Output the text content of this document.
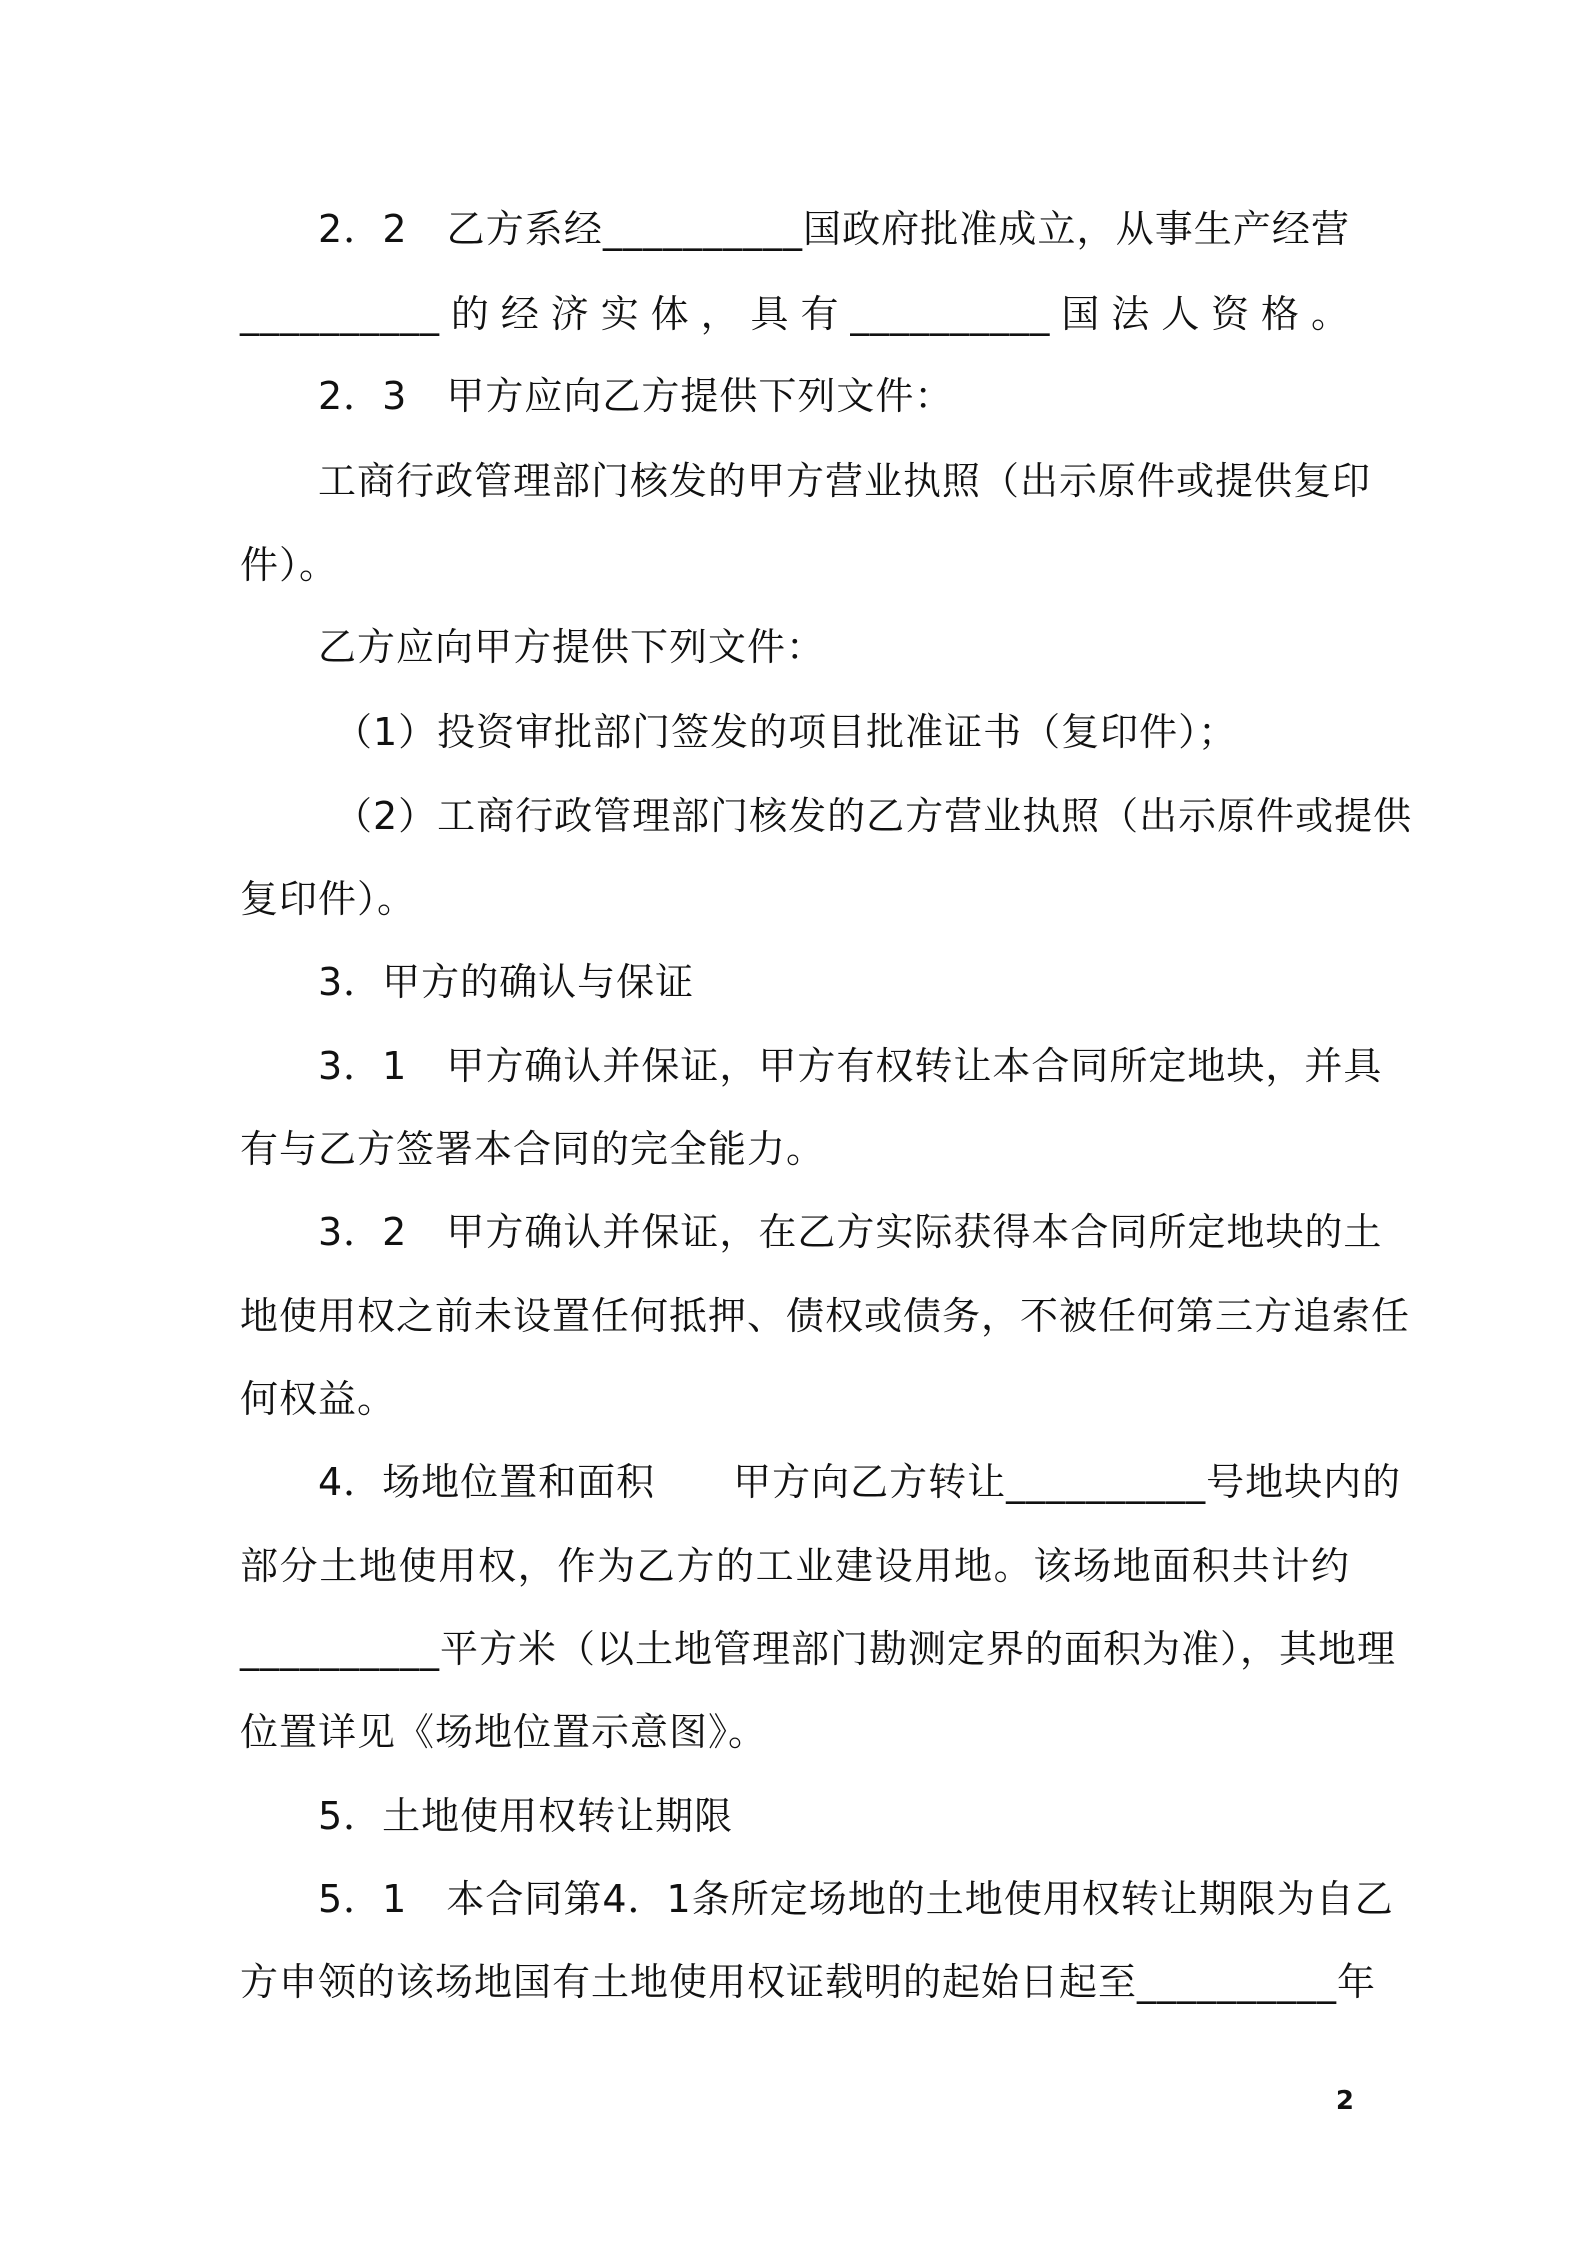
2．2　乙方系经__________国政府批准成立，从事生产经营
__________的经济实体，具有__________国法人资格。
2．3　甲方应向乙方提供下列文件：
工商行政管理部门核发的甲方营业执照（出示原件或提供复印
件）。
乙方应向甲方提供下列文件：
（1）投资审批部门签发的项目批准证书（复印件）；
（2）工商行政管理部门核发的乙方营业执照（出示原件或提供
复印件）。
3．甲方的确认与保证
3．1　甲方确认并保证，甲方有权转让本合同所定地块，并具
有与乙方签署本合同的完全能力。
3．2　甲方确认并保证，在乙方实际获得本合同所定地块的土
地使用权之前未设置任何抵押、债权或债务，不被任何第三方追索任
何权益。
4．场地位置和面积　　甲方向乙方转让__________号地块内的
部分土地使用权，作为乙方的工业建设用地。该场地面积共计约
__________平方米（以土地管理部门勘测定界的面积为准），其地理
位置详见《场地位置示意图》。
5．土地使用权转让期限
5．1　本合同第4．1条所定场地的土地使用权转让期限为自乙
方申领的该场地国有土地使用权证载明的起始日起至__________年
2
